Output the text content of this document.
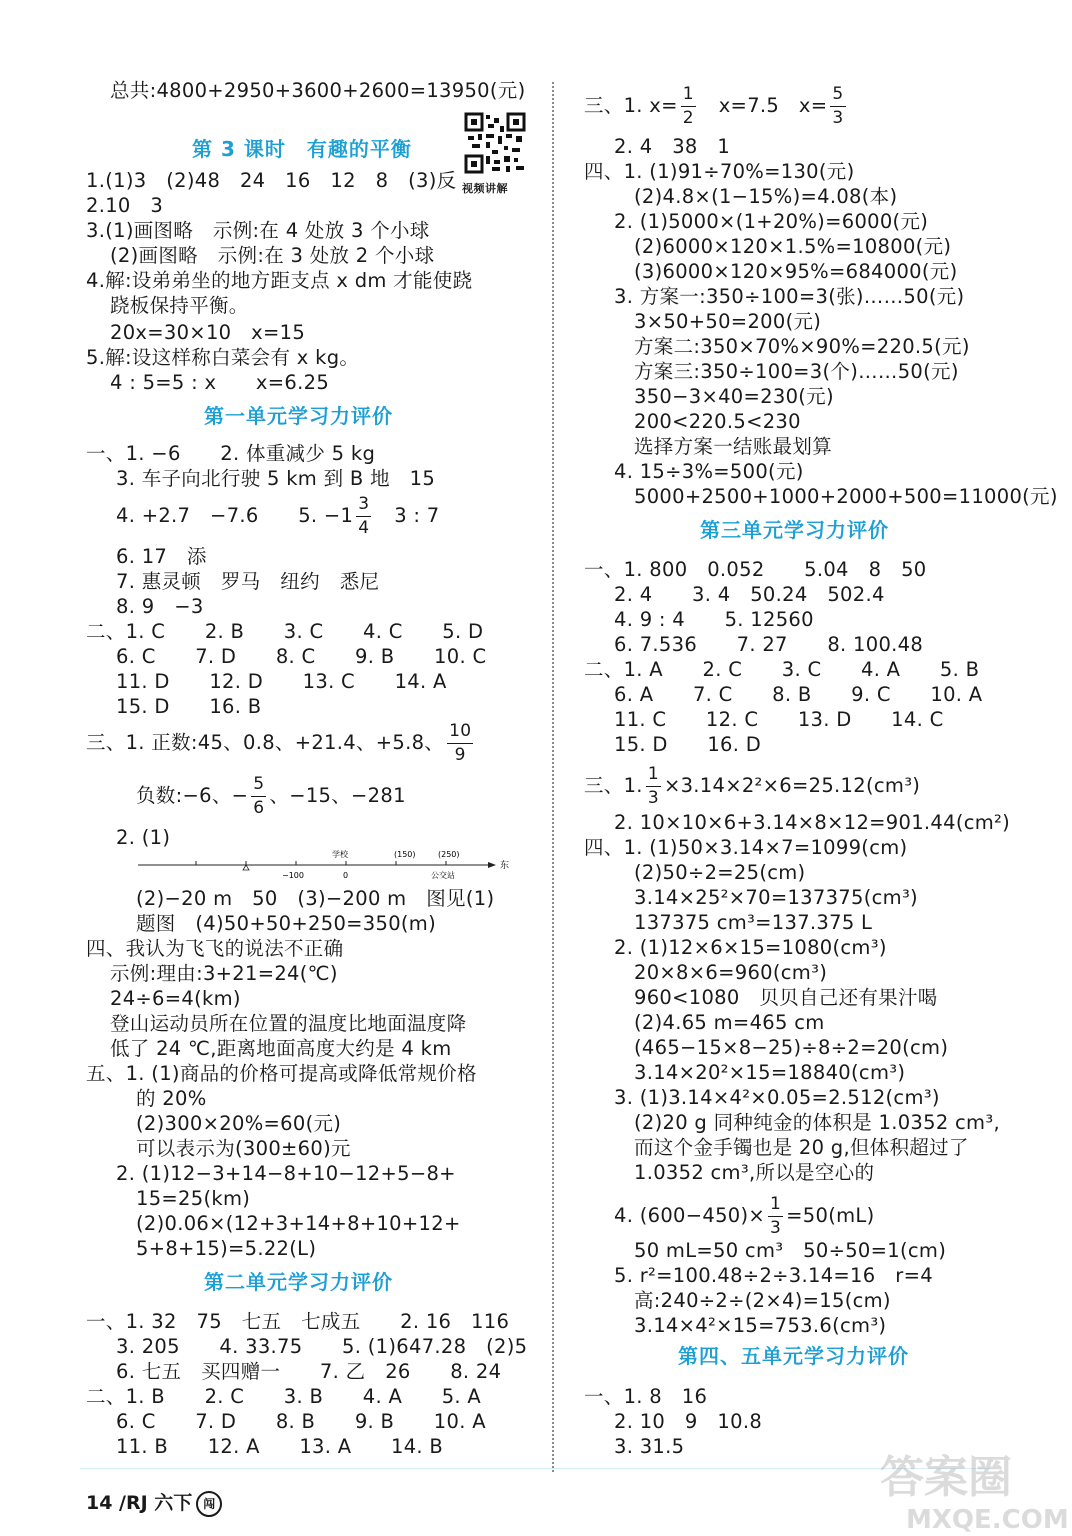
总共:4800+2950+3600+2600=13950(元)
第 3 课时　有趣的平衡
1.(1)3　(2)48　24　16　12　8　(3)反
2.10　3
3.(1)画图略　示例:在 4 处放 3 个小球
(2)画图略　示例:在 3 处放 2 个小球
4.解:设弟弟坐的地方距支点 x dm 才能使跷
跷板保持平衡。
20x=30×10　x=15
5.解:设这样称白菜会有 x kg。
4 : 5=5 : x　　x=6.25
第一单元学习力评价
一、1. −6　　2. 体重减少 5 kg
3. 车子向北行驶 5 km 到 B 地　15
4. +2.7　−7.6　　5. $-1 \frac{3}{4}$ 　3 : 7
6. 17　添
7. 惠灵顿　罗马　纽约　悉尼
8. 9　−3
二、1. C　　2. B　　3. C　　4. C　　5. D
6. C　　7. D　　8. C　　9. B　　10. C
11. D　　12. D　　13. C　　14. A
15. D　　16. B
三、1. 正数:45、0.8、+21.4、+5.8、 $\frac{10}{9}$
负数:−6、− $\frac{5}{6}$ 、−15、−281
2. (1)
学校	(150)	(250)
东
−100	0	公交站
(2)−20 m　50　(3)−200 m　图见(1)
题图　(4)50+50+250=350(m)
四、我认为飞飞的说法不正确
示例:理由:3+21=24(℃)
24÷6=4(km)
登山运动员所在位置的温度比地面温度降
低了 24 ℃,距离地面高度大约是 4 km
五、1. (1)商品的价格可提高或降低常规价格
的 20%
(2)300×20%=60(元)
可以表示为(300±60)元
2. (1)12−3+14−8+10−12+5−8+
15=25(km)
(2)0.06×(12+3+14+8+10+12+
5+8+15)=5.22(L)
第二单元学习力评价
一、1. 32　75　七五　七成五　　2. 16　116
3. 205　　4. 33.75　　5. (1)647.28　(2)5
6. 七五　买四赠一　　7. 乙　26　　8. 24
二、1. B　　2. C　　3. B　　4. A　　5. A
6. C　　7. D　　8. B　　9. B　　10. A
11. B　　12. A　　13. A　　14. B
视频讲解
三、1. $x= \frac{1}{2}$ 　x=7.5　$x= \frac{5}{3}$
2. 4　38　1
四、1. (1)91÷70%=130(元)
(2)4.8×(1−15%)=4.08(本)
2. (1)5000×(1+20%)=6000(元)
(2)6000×120×1.5%=10800(元)
(3)6000×120×95%=684000(元)
3. 方案一:350÷100=3(张)……50(元)
3×50+50=200(元)
方案二:350×70%×90%=220.5(元)
方案三:350÷100=3(个)……50(元)
350−3×40=230(元)
200<220.5<230
选择方案一结账最划算
4. 15÷3%=500(元)
5000+2500+1000+2000+500=11000(元)
第三单元学习力评价
一、1. 800　0.052　　5.04　8　50
2. 4　　3. 4　50.24　502.4
4. 9 : 4　　5. 12560
6. 7.536　　7. 27　　8. 100.48
二、1. A　　2. C　　3. C　　4. A　　5. B
6. A　　7. C　　8. B　　9. C　　10. A
11. C　　12. C　　13. D　　14. C
15. D　　16. D
三、1. $\frac{1}{3} \times 3.14\times 2^2\times 6=25.12(cm^3)$
2. 10×10×6+3.14×8×12=901.44(cm²)
四、1. (1)50×3.14×7=1099(cm)
(2)50÷2=25(cm)
3.14×25²×70=137375(cm³)
137375 cm³=137.375 L
2. (1)12×6×15=1080(cm³)
20×8×6=960(cm³)
960<1080　贝贝自己还有果汁喝
(2)4.65 m=465 cm
(465−15×8−25)÷8÷2=20(cm)
3.14×20²×15=18840(cm³)
3. (1)3.14×4²×0.05=2.512(cm³)
(2)20 g 同种纯金的体积是 1.0352 cm³,
而这个金手镯也是 20 g,但体积超过了
1.0352 cm³,所以是空心的
4. $(600-450)\times \frac{1}{3} =50(mL)$
50 mL=50 cm³　50÷50=1(cm)
5. r²=100.48÷2÷3.14=16　r=4
高:240÷2÷(2×4)=15(cm)
3.14×4²×15=753.6(cm³)
第四、五单元学习力评价
一、1. 8　16
2. 10　9　10.8
3. 31.5
14 /RJ 六下 闯
答案圈
MXQE.COM
